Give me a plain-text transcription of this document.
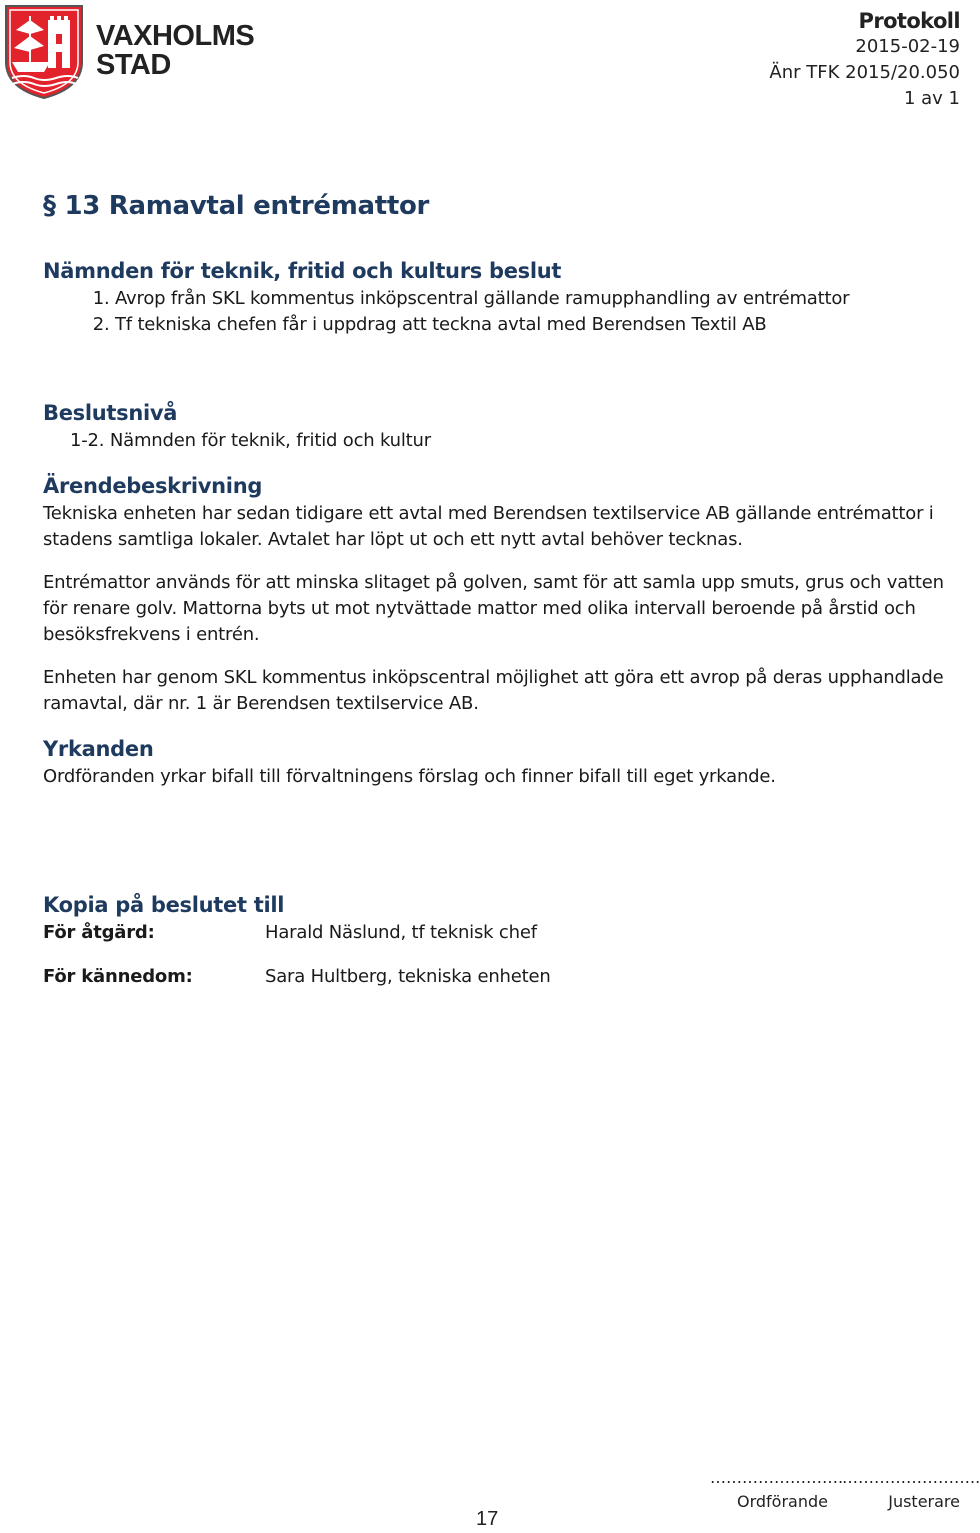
VAXHOLMS
STAD
Protokoll
2015-02-19
Änr TFK 2015/20.050
1 av 1
§ 13 Ramavtal entrémattor
Nämnden för teknik, fritid och kulturs beslut
1. Avrop från SKL kommentus inköpscentral gällande ramupphandling av entrémattor
2. Tf tekniska chefen får i uppdrag att teckna avtal med Berendsen Textil AB
Beslutsnivå

1-2. Nämnden för teknik, fritid och kultur

Ärendebeskrivning

Tekniska enheten har sedan tidigare ett avtal med Berendsen textilservice AB gällande entrémattor i stadens samtliga lokaler. Avtalet har löpt ut och ett nytt avtal behöver tecknas.

Entrémattor används för att minska slitaget på golven, samt för att samla upp smuts, grus och vatten för renare golv. Mattorna byts ut mot nytvättade mattor med olika intervall beroende på årstid och besöksfrekvens i entrén.

Enheten har genom SKL kommentus inköpscentral möjlighet att göra ett avrop på deras upphandlade ramavtal, där nr. 1 är Berendsen textilservice AB.

Yrkanden

Ordföranden yrkar bifall till förvaltningens förslag och finner bifall till eget yrkande.

Kopia på beslutet till
För åtgärd:	Harald Näslund, tf teknisk chef
För kännedom:	Sara Hultberg, tekniska enheten
…………………….
Ordförande
……………………..
Justerare
17
